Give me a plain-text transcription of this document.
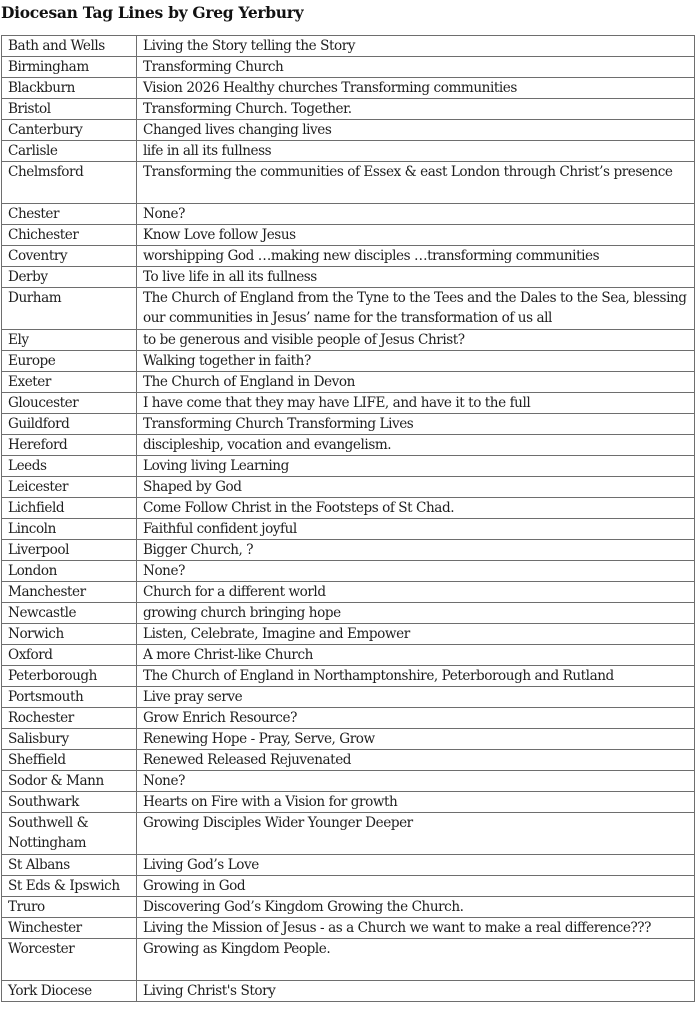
Diocesan Tag Lines by Greg Yerbury
Bath and Wells	Living the Story telling the Story
Birmingham	Transforming Church
Blackburn	Vision 2026 Healthy churches Transforming communities
Bristol	Transforming Church. Together.
Canterbury	Changed lives changing lives
Carlisle	life in all its fullness
Chelmsford	Transforming the communities of Essex & east London through Christ’s presence
Chester	None?
Chichester	Know Love follow Jesus
Coventry	worshipping God …making new disciples …transforming communities
Derby	To live life in all its fullness
Durham	The Church of England from the Tyne to the Tees and the Dales to the Sea, blessing our communities in Jesus’ name for the transformation of us all
Ely	to be generous and visible people of Jesus Christ?
Europe	Walking together in faith?
Exeter	The Church of England in Devon
Gloucester	I have come that they may have LIFE, and have it to the full
Guildford	Transforming Church Transforming Lives
Hereford	discipleship, vocation and evangelism.
Leeds	Loving living Learning
Leicester	Shaped by God
Lichfield	Come Follow Christ in the Footsteps of St Chad.
Lincoln	Faithful confident joyful
Liverpool	Bigger Church, ?
London	None?
Manchester	Church for a different world
Newcastle	growing church bringing hope
Norwich	Listen, Celebrate, Imagine and Empower
Oxford	A more Christ-like Church
Peterborough	The Church of England in Northamptonshire, Peterborough and Rutland
Portsmouth	Live pray serve
Rochester	Grow Enrich Resource?
Salisbury	Renewing Hope - Pray, Serve, Grow
Sheffield	Renewed Released Rejuvenated
Sodor & Mann	None?
Southwark	Hearts on Fire with a Vision for growth
Southwell & Nottingham	Growing Disciples Wider Younger Deeper
St Albans	Living God’s Love
St Eds & Ipswich	Growing in God
Truro	Discovering God’s Kingdom Growing the Church.
Winchester	Living the Mission of Jesus - as a Church we want to make a real difference???
Worcester	Growing as Kingdom People.
York Diocese	Living Christ's Story
